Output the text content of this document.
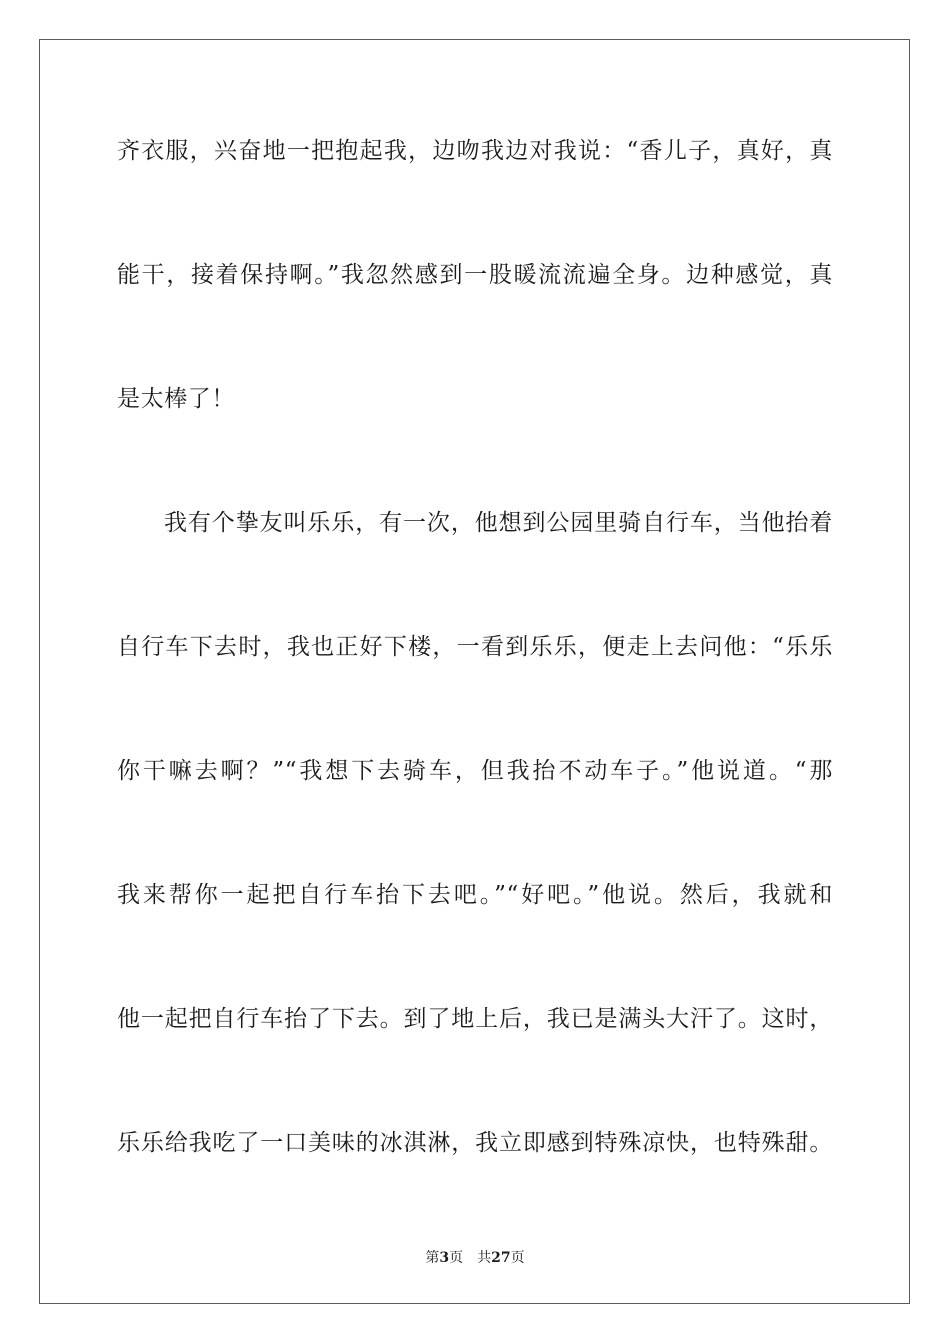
齐衣服，兴奋地一把抱起我，边吻我边对我说：“香儿子，真好，真
能干，接着保持啊。”我忽然感到一股暖流流遍全身。边种感觉，真
是太棒了！
我有个挚友叫乐乐，有一次，他想到公园里骑自行车，当他抬着
自行车下去时，我也正好下楼，一看到乐乐，便走上去问他：“乐乐
你干嘛去啊？”“我想下去骑车，但我抬不动车子。”他说道。“那
我来帮你一起把自行车抬下去吧。”“好吧。”他说。然后，我就和
他一起把自行车抬了下去。到了地上后，我已是满头大汗了。这时，
乐乐给我吃了一口美味的冰淇淋，我立即感到特殊凉快，也特殊甜。
第3页 共27页
